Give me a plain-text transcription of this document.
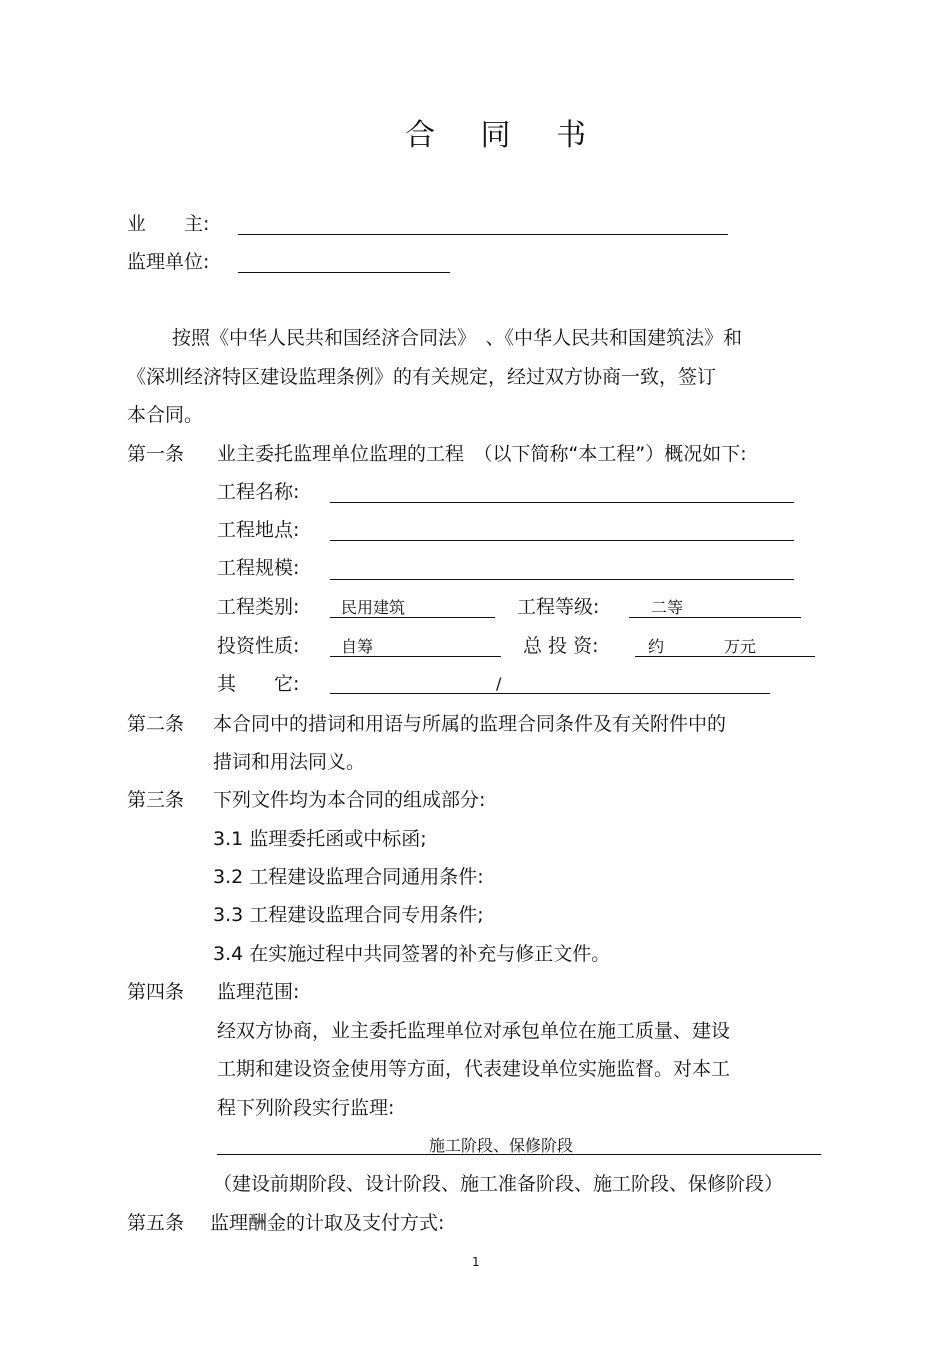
合 同 书
业　　主:
监理单位:
按照《中华人民共和国经济合同法》　、《中华人民共和国建筑法》和
《深圳经济特区建设监理条例》的有关规定，经过双方协商一致，签订
本合同。
第一条 业主委托监理单位监理的工程　（以下简称“本工程”）概况如下:
工程名称:
工程地点:
工程规模:
工程类别:	民用建筑	工程等级:	二等
投资性质:	自筹	总 投 资:	约	万元
其　　它:	/
第二条 本合同中的措词和用语与所属的监理合同条件及有关附件中的
措词和用法同义。
第三条 下列文件均为本合同的组成部分:
3.1 监理委托函或中标函;
3.2 工程建设监理合同通用条件:
3.3 工程建设监理合同专用条件;
3.4 在实施过程中共同签署的补充与修正文件。
第四条 监理范围:
经双方协商，业主委托监理单位对承包单位在施工质量、建设
工期和建设资金使用等方面，代表建设单位实施监督。对本工
程下列阶段实行监理:
施工阶段、保修阶段
（建设前期阶段、设计阶段、施工准备阶段、施工阶段、保修阶段）
第五条 监理酬金的计取及支付方式:
1
